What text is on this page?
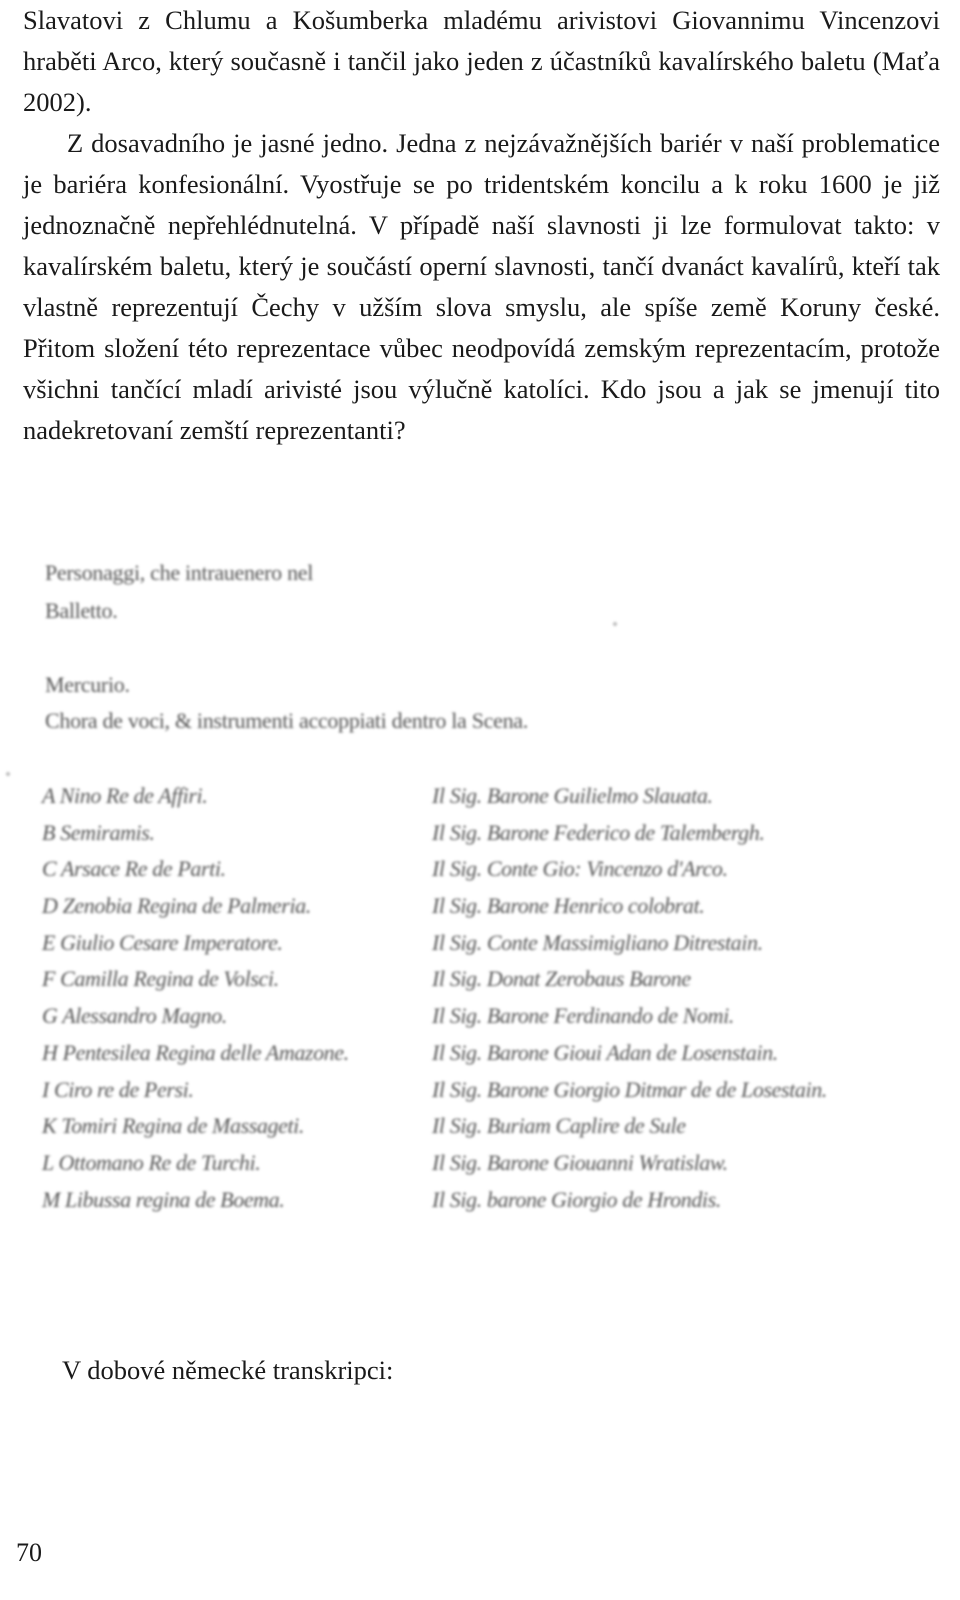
Slavatovi z Chlumu a Košumberka mladému arivistovi Giovannimu Vincenzovi hraběti Arco, který současně i tančil jako jeden z účastníků kavalírského baletu (Maťa 2002).

Z dosavadního je jasné jedno. Jedna z nejzávažnějších bariér v naší problematice je bariéra konfesionální. Vyostřuje se po tridentském koncilu a k roku 1600 je již jednoznačně nepřehlédnutelná. V případě naší slavnosti ji lze formulovat takto: v kavalírském baletu, který je součástí operní slavnosti, tančí dvanáct kavalírů, kteří tak vlastně reprezentují Čechy v užším slova smyslu, ale spíše země Koruny české. Přitom složení této reprezentace vůbec neodpovídá zemským reprezentacím, protože všichni tančící mladí arivisté jsou výlučně katolíci. Kdo jsou a jak se jmenují tito nadekretovaní zemští reprezentanti?

Personaggi, che intrauenero nel
Balletto.
Mercurio.
Chora de voci, & instrumenti accoppiati dentro la Scena.
A Nino Re de Affiri.
B Semiramis.
C Arsace Re de Parti.
D Zenobia Regina de Palmeria.
E Giulio Cesare Imperatore.
F Camilla Regina de Volsci.
G Alessandro Magno.
H Pentesilea Regina delle Amazone.
I Ciro re de Persi.
K Tomiri Regina de Massageti.
L Ottomano Re de Turchi.
M Libussa regina de Boema.
Il Sig. Barone Guilielmo Slauata.
Il Sig. Barone Federico de Talembergh.
Il Sig. Conte Gio: Vincenzo d'Arco.
Il Sig. Barone Henrico colobrat.
Il Sig. Conte Massimigliano Ditrestain.
Il Sig. Donat Zerobaus Barone
Il Sig. Barone Ferdinando de Nomi.
Il Sig. Barone Gioui Adan de Losenstain.
Il Sig. Barone Giorgio Ditmar de de Losestain.
Il Sig. Buriam Caplire de Sule
Il Sig. Barone Giouanni Wratislaw.
Il Sig. barone Giorgio de Hrondis.
V dobové německé transkripci:
70
